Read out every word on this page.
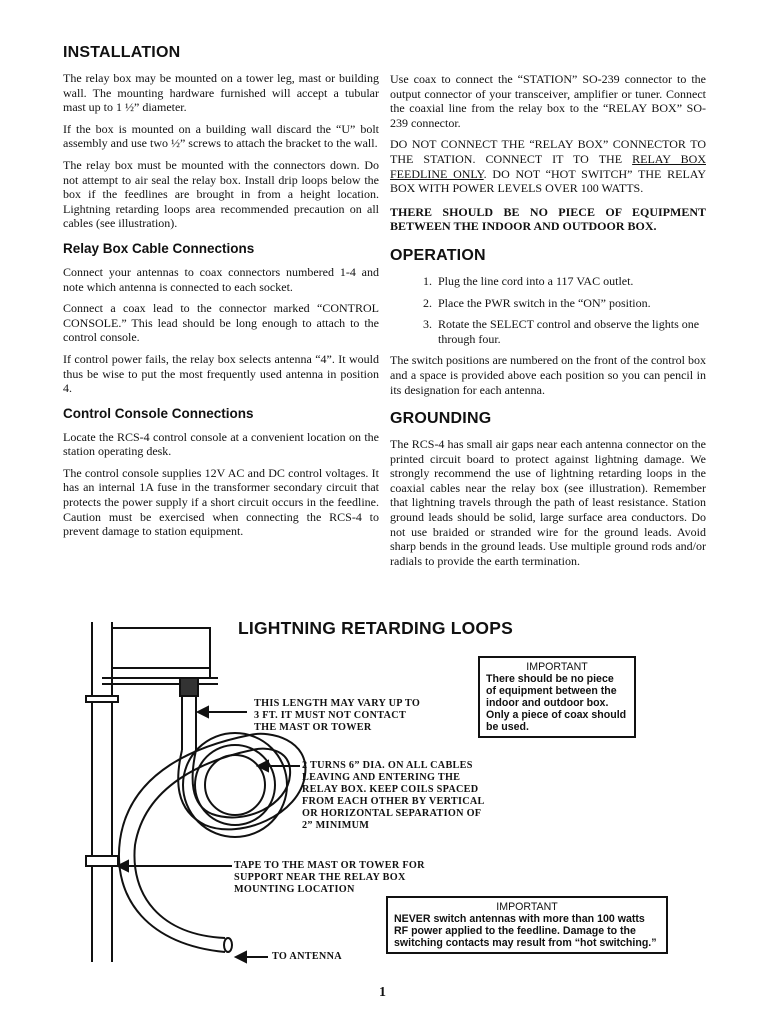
INSTALLATION

The relay box may be mounted on a tower leg, mast or building wall. The mounting hardware furnished will accept a tubular mast up to 1 ½” diameter.

If the box is mounted on a building wall discard the “U” bolt assembly and use two ½” screws to attach the bracket to the wall.

The relay box must be mounted with the connectors down. Do not attempt to air seal the relay box. Install drip loops below the box if the feedlines are brought in from a height location. Lightning retarding loops area recommended precaution on all cables (see illustration).

Relay Box Cable Connections

Connect your antennas to coax connectors numbered 1-4 and note which antenna is connected to each socket.

Connect a coax lead to the connector marked “CONTROL CONSOLE.” This lead should be long enough to attach to the control console.

If control power fails, the relay box selects antenna “4”. It would thus be wise to put the most frequently used antenna in position 4.

Control Console Connections

Locate the RCS-4 control console at a convenient location on the station operating desk.

The control console supplies 12V AC and DC control voltages. It has an internal 1A fuse in the transformer secondary circuit that protects the power supply if a short circuit occurs in the feedline. Caution must be exercised when connecting the RCS-4 to prevent damage to station equipment.

Use coax to connect the “STATION” SO-239 connector to the output connector of your transceiver, amplifier or tuner. Connect the coaxial line from the relay box to the “RELAY BOX” SO-239 connector.

DO NOT CONNECT THE “RELAY BOX” CONNECTOR TO THE STATION. CONNECT IT TO THE RELAY BOX FEEDLINE ONLY. DO NOT “HOT SWITCH” THE RELAY BOX WITH POWER LEVELS OVER 100 WATTS.

THERE SHOULD BE NO PIECE OF EQUIPMENT BETWEEN THE INDOOR AND OUTDOOR BOX.

OPERATION
1. Plug the line cord into a 117 VAC outlet.
2. Place the PWR switch in the “ON” position.
3. Rotate the SELECT control and observe the lights one through four.

The switch positions are numbered on the front of the control box and a space is provided above each position so you can pencil in its designation for each antenna.

GROUNDING

The RCS-4 has small air gaps near each antenna connector on the printed circuit board to protect against lightning damage. We strongly recommend the use of lightning retarding loops in the coaxial cables near the relay box (see illustration). Remember that lightning travels through the path of least resistance. Station ground leads should be solid, large surface area conductors. Do not use braided or stranded wire for the ground leads. Avoid sharp bends in the ground leads. Use multiple ground rods and/or radials to provide the earth termination.

LIGHTNING RETARDING LOOPS
THIS LENGTH MAY VARY UP TO
3 FT. IT MUST NOT CONTACT
THE MAST OR TOWER
2 TURNS 6” DIA. ON ALL CABLES
LEAVING AND ENTERING THE
RELAY BOX. KEEP COILS SPACED
FROM EACH OTHER BY VERTICAL
OR HORIZONTAL SEPARATION OF
2” MINIMUM
TAPE TO THE MAST OR TOWER FOR
SUPPORT NEAR THE RELAY BOX
MOUNTING LOCATION
TO ANTENNA
IMPORTANT
There should be no piece
of equipment between the
indoor and outdoor box.
Only a piece of coax should
be used.
IMPORTANT
NEVER switch antennas with more than 100 watts
RF power applied to the feedline. Damage to the
switching contacts may result from “hot switching.”
1
